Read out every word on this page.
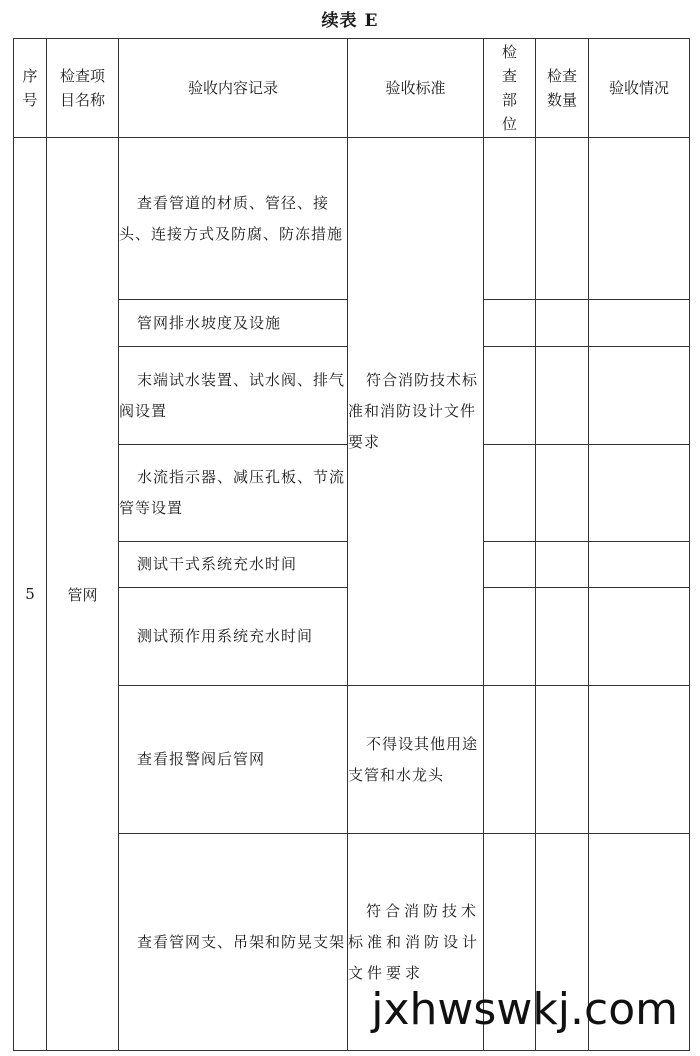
续表 E
序号	检查项目名称	验收内容记录	验收标准	检查部位	检查数量	验收情况
5	管网	查看管道的材质、管径、接头、连接方式及防腐、防冻措施	符合消防技术标准和消防设计文件要求			
		管网排水坡度及设施				
		末端试水装置、试水阀、排气阀设置				
		水流指示器、减压孔板、节流管等设置				
		测试干式系统充水时间				
		测试预作用系统充水时间				
		查看报警阀后管网	不得设其他用途支管和水龙头			
		查看管网支、吊架和防晃支架	符合消防技术标准和消防设计文件要求			
jxhwswkj.com
